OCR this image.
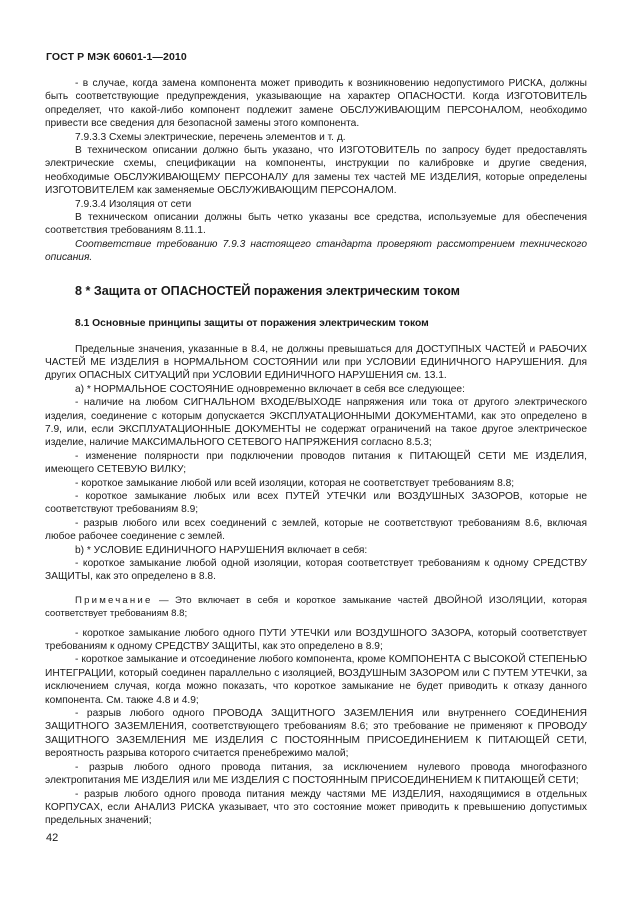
ГОСТ Р МЭК 60601-1—2010

- в случае, когда замена компонента может приводить к возникновению недопустимого РИСКА, должны быть соответствующие предупреждения, указывающие на характер ОПАСНОСТИ. Когда ИЗГОТОВИТЕЛЬ определяет, что какой-либо компонент подлежит замене ОБСЛУЖИВАЮЩИМ ПЕРСОНАЛОМ, необходимо привести все сведения для безопасной замены этого компонента.

7.9.3.3 Схемы электрические, перечень элементов и т. д.

В техническом описании должно быть указано, что ИЗГОТОВИТЕЛЬ по запросу будет предоставлять электрические схемы, спецификации на компоненты, инструкции по калибровке и другие сведения, необходимые ОБСЛУЖИВАЮЩЕМУ ПЕРСОНАЛУ для замены тех частей МЕ ИЗДЕЛИЯ, которые определены ИЗГОТОВИТЕЛЕМ как заменяемые ОБСЛУЖИВАЮЩИМ ПЕРСОНАЛОМ.

7.9.3.4 Изоляция от сети

В техническом описании должны быть четко указаны все средства, используемые для обеспечения соответствия требованиям 8.11.1.

Соответствие требованию 7.9.3 настоящего стандарта проверяют рассмотрением технического описания.

8 * Защита от ОПАСНОСТЕЙ поражения электрическим током

8.1 Основные принципы защиты от поражения электрическим током

Предельные значения, указанные в 8.4, не должны превышаться для ДОСТУПНЫХ ЧАСТЕЙ и РАБОЧИХ ЧАСТЕЙ МЕ ИЗДЕЛИЯ в НОРМАЛЬНОМ СОСТОЯНИИ или при УСЛОВИИ ЕДИНИЧНОГО НАРУШЕНИЯ. Для других ОПАСНЫХ СИТУАЦИЙ при УСЛОВИИ ЕДИНИЧНОГО НАРУШЕНИЯ см. 13.1.

а) * НОРМАЛЬНОЕ СОСТОЯНИЕ одновременно включает в себя все следующее:

- наличие на любом СИГНАЛЬНОМ ВХОДЕ/ВЫХОДЕ напряжения или тока от другого электрического изделия, соединение с которым допускается ЭКСПЛУАТАЦИОННЫМИ ДОКУМЕНТАМИ, как это определено в 7.9, или, если ЭКСПЛУАТАЦИОННЫЕ ДОКУМЕНТЫ не содержат ограничений на такое другое электрическое изделие, наличие МАКСИМАЛЬНОГО СЕТЕВОГО НАПРЯЖЕНИЯ согласно 8.5.3;

- изменение полярности при подключении проводов питания к ПИТАЮЩЕЙ СЕТИ МЕ ИЗДЕЛИЯ, имеющего СЕТЕВУЮ ВИЛКУ;

- короткое замыкание любой или всей изоляции, которая не соответствует требованиям 8.8;

- короткое замыкание любых или всех ПУТЕЙ УТЕЧКИ или ВОЗДУШНЫХ ЗАЗОРОВ, которые не соответствуют требованиям 8.9;

- разрыв любого или всех соединений с землей, которые не соответствуют требованиям 8.6, включая любое рабочее соединение с землей.

b) * УСЛОВИЕ ЕДИНИЧНОГО НАРУШЕНИЯ включает в себя:

- короткое замыкание любой одной изоляции, которая соответствует требованиям к одному СРЕДСТВУ ЗАЩИТЫ, как это определено в 8.8.

Примечание — Это включает в себя и короткое замыкание частей ДВОЙНОЙ ИЗОЛЯЦИИ, которая соответствует требованиям 8.8;

- короткое замыкание любого одного ПУТИ УТЕЧКИ или ВОЗДУШНОГО ЗАЗОРА, который соответствует требованиям к одному СРЕДСТВУ ЗАЩИТЫ, как это определено в 8.9;

- короткое замыкание и отсоединение любого компонента, кроме КОМПОНЕНТА С ВЫСОКОЙ СТЕПЕНЬЮ ИНТЕГРАЦИИ, который соединен параллельно с изоляцией, ВОЗДУШНЫМ ЗАЗОРОМ или С ПУТЕМ УТЕЧКИ, за исключением случая, когда можно показать, что короткое замыкание не будет приводить к отказу данного компонента. См. также 4.8 и 4.9;

- разрыв любого одного ПРОВОДА ЗАЩИТНОГО ЗАЗЕМЛЕНИЯ или внутреннего СОЕДИНЕНИЯ ЗАЩИТНОГО ЗАЗЕМЛЕНИЯ, соответствующего требованиям 8.6; это требование не применяют к ПРОВОДУ ЗАЩИТНОГО ЗАЗЕМЛЕНИЯ МЕ ИЗДЕЛИЯ С ПОСТОЯННЫМ ПРИСОЕДИНЕНИЕМ К ПИТАЮЩЕЙ СЕТИ, вероятность разрыва которого считается пренебрежимо малой;

- разрыв любого одного провода питания, за исключением нулевого провода многофазного электропитания МЕ ИЗДЕЛИЯ или МЕ ИЗДЕЛИЯ С ПОСТОЯННЫМ ПРИСОЕДИНЕНИЕМ К ПИТАЮЩЕЙ СЕТИ;

- разрыв любого одного провода питания между частями МЕ ИЗДЕЛИЯ, находящимися в отдельных КОРПУСАХ, если АНАЛИЗ РИСКА указывает, что это состояние может приводить к превышению допустимых предельных значений;

42
